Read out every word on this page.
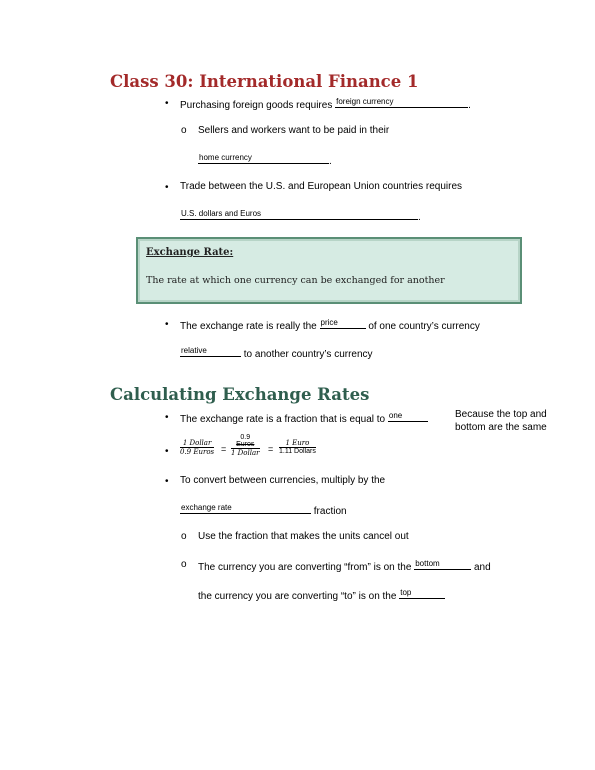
Class 30: International Finance 1
• Purchasing foreign goods requires foreign currency	.
o Sellers and workers want to be paid in their
home currency	.
• Trade between the U.S. and European Union countries requires
U.S. dollars and Euros	.
Exchange Rate:
The rate at which one currency can be exchanged for another
• The exchange rate is really the price	of one country’s currency
relative	to another country’s currency
Calculating Exchange Rates
• The exchange rate is a fraction that is equal to one	Because the top and
bottom are the same
•
1 Dollar
0.9 Euros =
0.9
Euros
1 Dollar =
1 Euro
1.11 Dollars
• To convert between currencies, multiply by the
exchange rate	fraction
o Use the fraction that makes the units cancel out
o The currency you are converting “from” is on the bottom	and
the currency you are converting “to” is on the top
